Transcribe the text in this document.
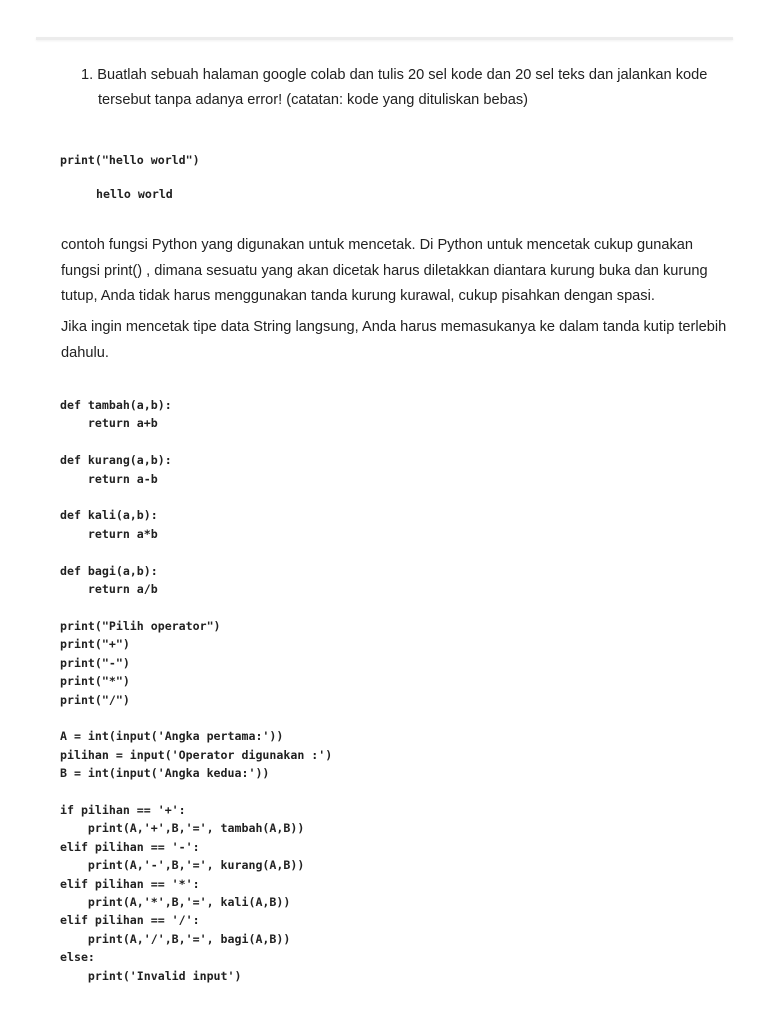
1. Buatlah sebuah halaman google colab dan tulis 20 sel kode dan 20 sel teks dan jalankan kode tersebut tanpa adanya error! (catatan: kode yang dituliskan bebas)
print("hello world")
hello world

contoh fungsi Python yang digunakan untuk mencetak. Di Python untuk mencetak cukup gunakan fungsi print() , dimana sesuatu yang akan dicetak harus diletakkan diantara kurung buka dan kurung tutup, Anda tidak harus menggunakan tanda kurung kurawal, cukup pisahkan dengan spasi.

Jika ingin mencetak tipe data String langsung, Anda harus memasukanya ke dalam tanda kutip terlebih dahulu.

def tambah(a,b):
return a+b

def kurang(a,b):
return a-b

def kali(a,b):
return a*b

def bagi(a,b):
return a/b

print("Pilih operator")
print("+")
print("-")
print("*")
print("/")

A = int(input('Angka pertama:'))
pilihan = input('Operator digunakan :')
B = int(input('Angka kedua:'))

if pilihan == '+':
print(A,'+',B,'=', tambah(A,B))
elif pilihan == '-':
print(A,'-',B,'=', kurang(A,B))
elif pilihan == '*':
print(A,'*',B,'=', kali(A,B))
elif pilihan == '/':
print(A,'/',B,'=', bagi(A,B))
else:
print('Invalid input')
